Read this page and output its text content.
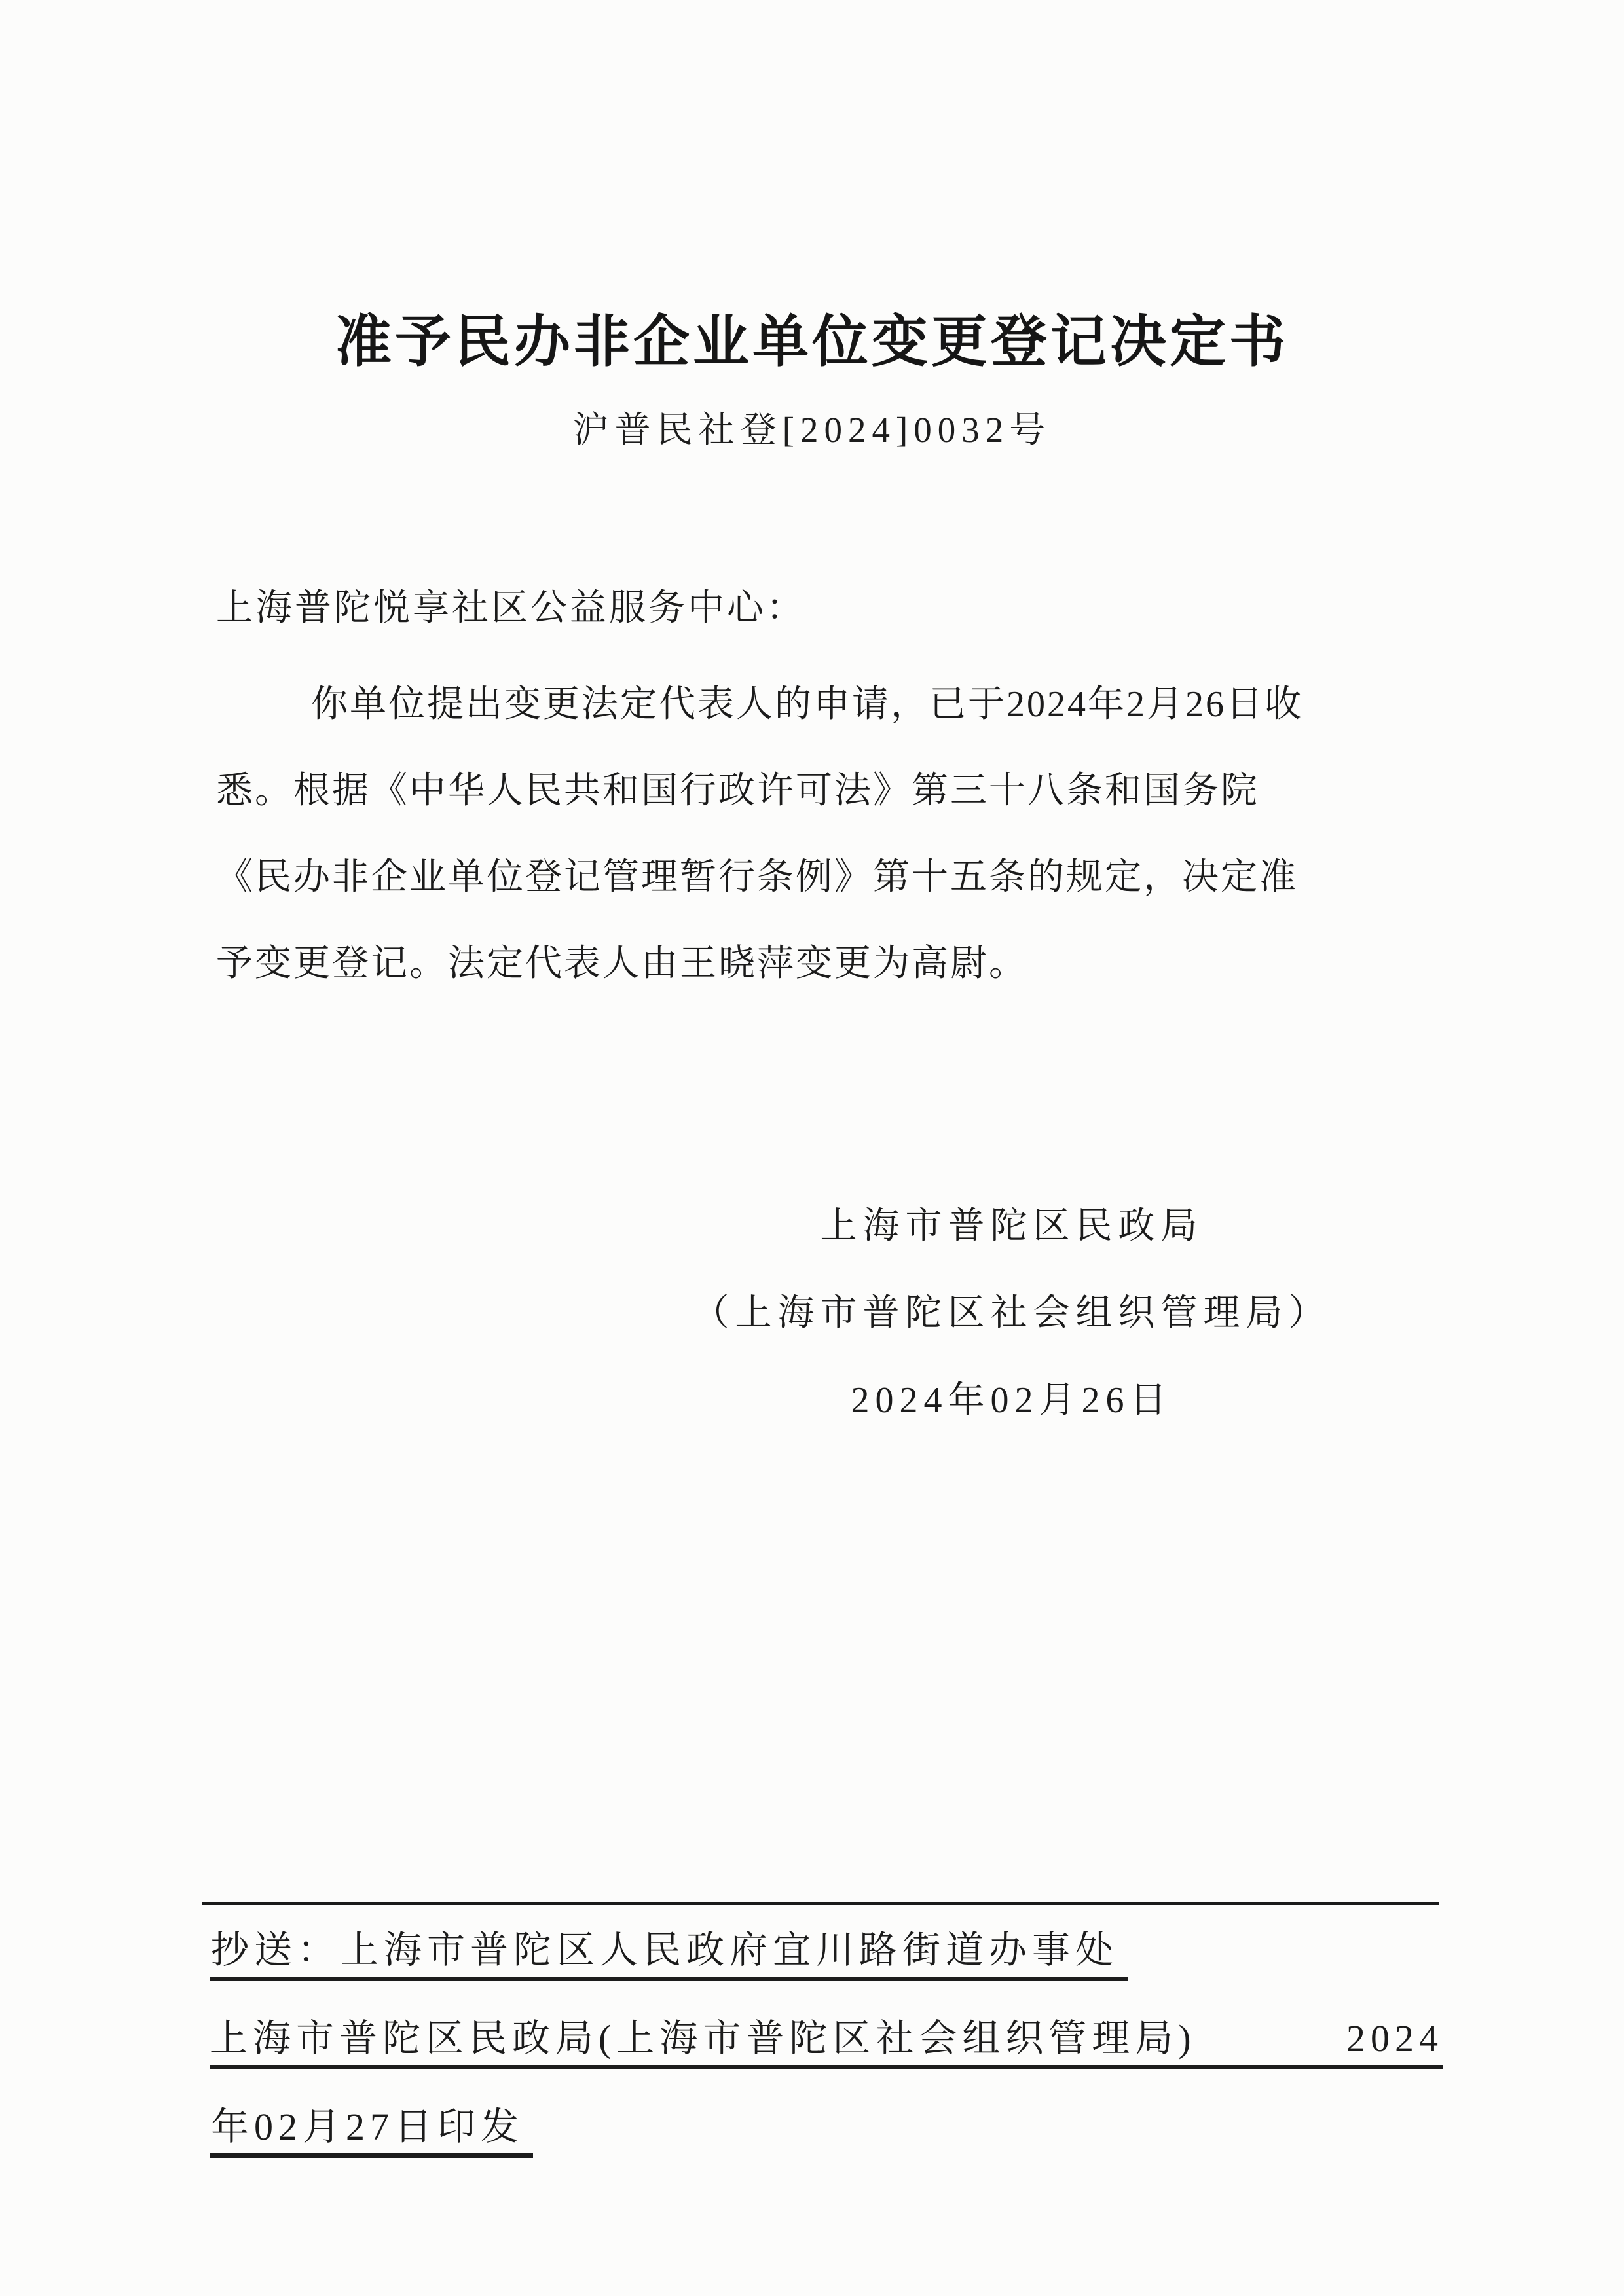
准予民办非企业单位变更登记决定书
沪普民社登[2024]0032号
上海普陀悦享社区公益服务中心：
你单位提出变更法定代表人的申请，已于2024年2月26日收
悉。根据《中华人民共和国行政许可法》第三十八条和国务院
《民办非企业单位登记管理暂行条例》第十五条的规定，决定准
予变更登记。法定代表人由王晓萍变更为高尉。
上海市普陀区民政局
（上海市普陀区社会组织管理局）
2024年02月26日
抄送：上海市普陀区人民政府宜川路街道办事处
上海市普陀区民政局(上海市普陀区社会组织管理局)	2024
年02月27日印发
